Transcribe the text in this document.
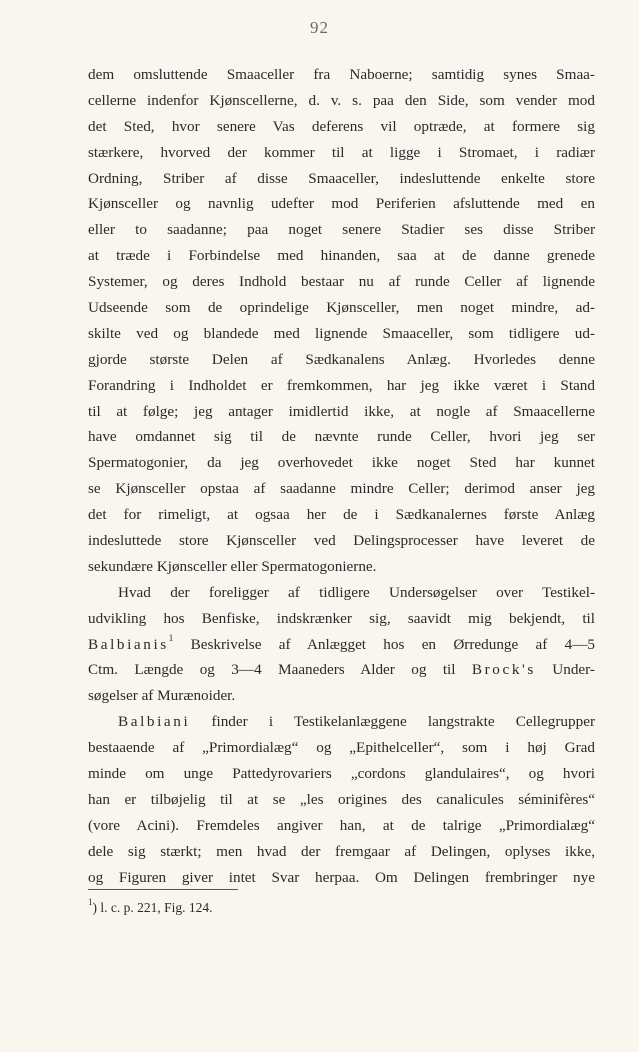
92
dem omsluttende Smaaceller fra Naboerne; samtidig synes Smaa-
cellerne indenfor Kjønscellerne, d. v. s. paa den Side, som vender mod
det Sted, hvor senere Vas deferens vil optræde, at formere sig
stærkere, hvorved der kommer til at ligge i Stromaet, i radiær
Ordning, Striber af disse Smaaceller, indesluttende enkelte store
Kjønsceller og navnlig udefter mod Periferien afsluttende med en
eller to saadanne; paa noget senere Stadier ses disse Striber
at træde i Forbindelse med hinanden, saa at de danne grenede
Systemer, og deres Indhold bestaar nu af runde Celler af lignende
Udseende som de oprindelige Kjønsceller, men noget mindre, ad-
skilte ved og blandede med lignende Smaaceller, som tidligere ud-
gjorde største Delen af Sædkanalens Anlæg. Hvorledes denne
Forandring i Indholdet er fremkommen, har jeg ikke været i Stand
til at følge; jeg antager imidlertid ikke, at nogle af Smaacellerne
have omdannet sig til de nævnte runde Celler, hvori jeg ser
Spermatogonier, da jeg overhovedet ikke noget Sted har kunnet
se Kjønsceller opstaa af saadanne mindre Celler; derimod anser jeg
det for rimeligt, at ogsaa her de i Sædkanalernes første Anlæg
indesluttede store Kjønsceller ved Delingsprocesser have leveret de
sekundære Kjønsceller eller Spermatogonierne.
Hvad der foreligger af tidligere Undersøgelser over Testikel-
udvikling hos Benfiske, indskrænker sig, saavidt mig bekjendt, til
Balbianis$^1$ Beskrivelse af Anlægget hos en Ørredunge af 4—5
Ctm. Længde og 3—4 Maaneders Alder og til Brock's Under-
søgelser af Murænoider.
Balbiani finder i Testikelanlæggene langstrakte Cellegrupper
bestaaende af „Primordialæg“ og „Epithelceller“, som i høj Grad
minde om unge Pattedyrovariers „cordons glandulaires“, og hvori
han er tilbøjelig til at se „les origines des canalicules séminifères“
(vore Acini). Fremdeles angiver han, at de talrige „Primordialæg“
dele sig stærkt; men hvad der fremgaar af Delingen, oplyses ikke,
og Figuren giver intet Svar herpaa. Om Delingen frembringer nye
$^1$) l. c. p. 221, Fig. 124.
